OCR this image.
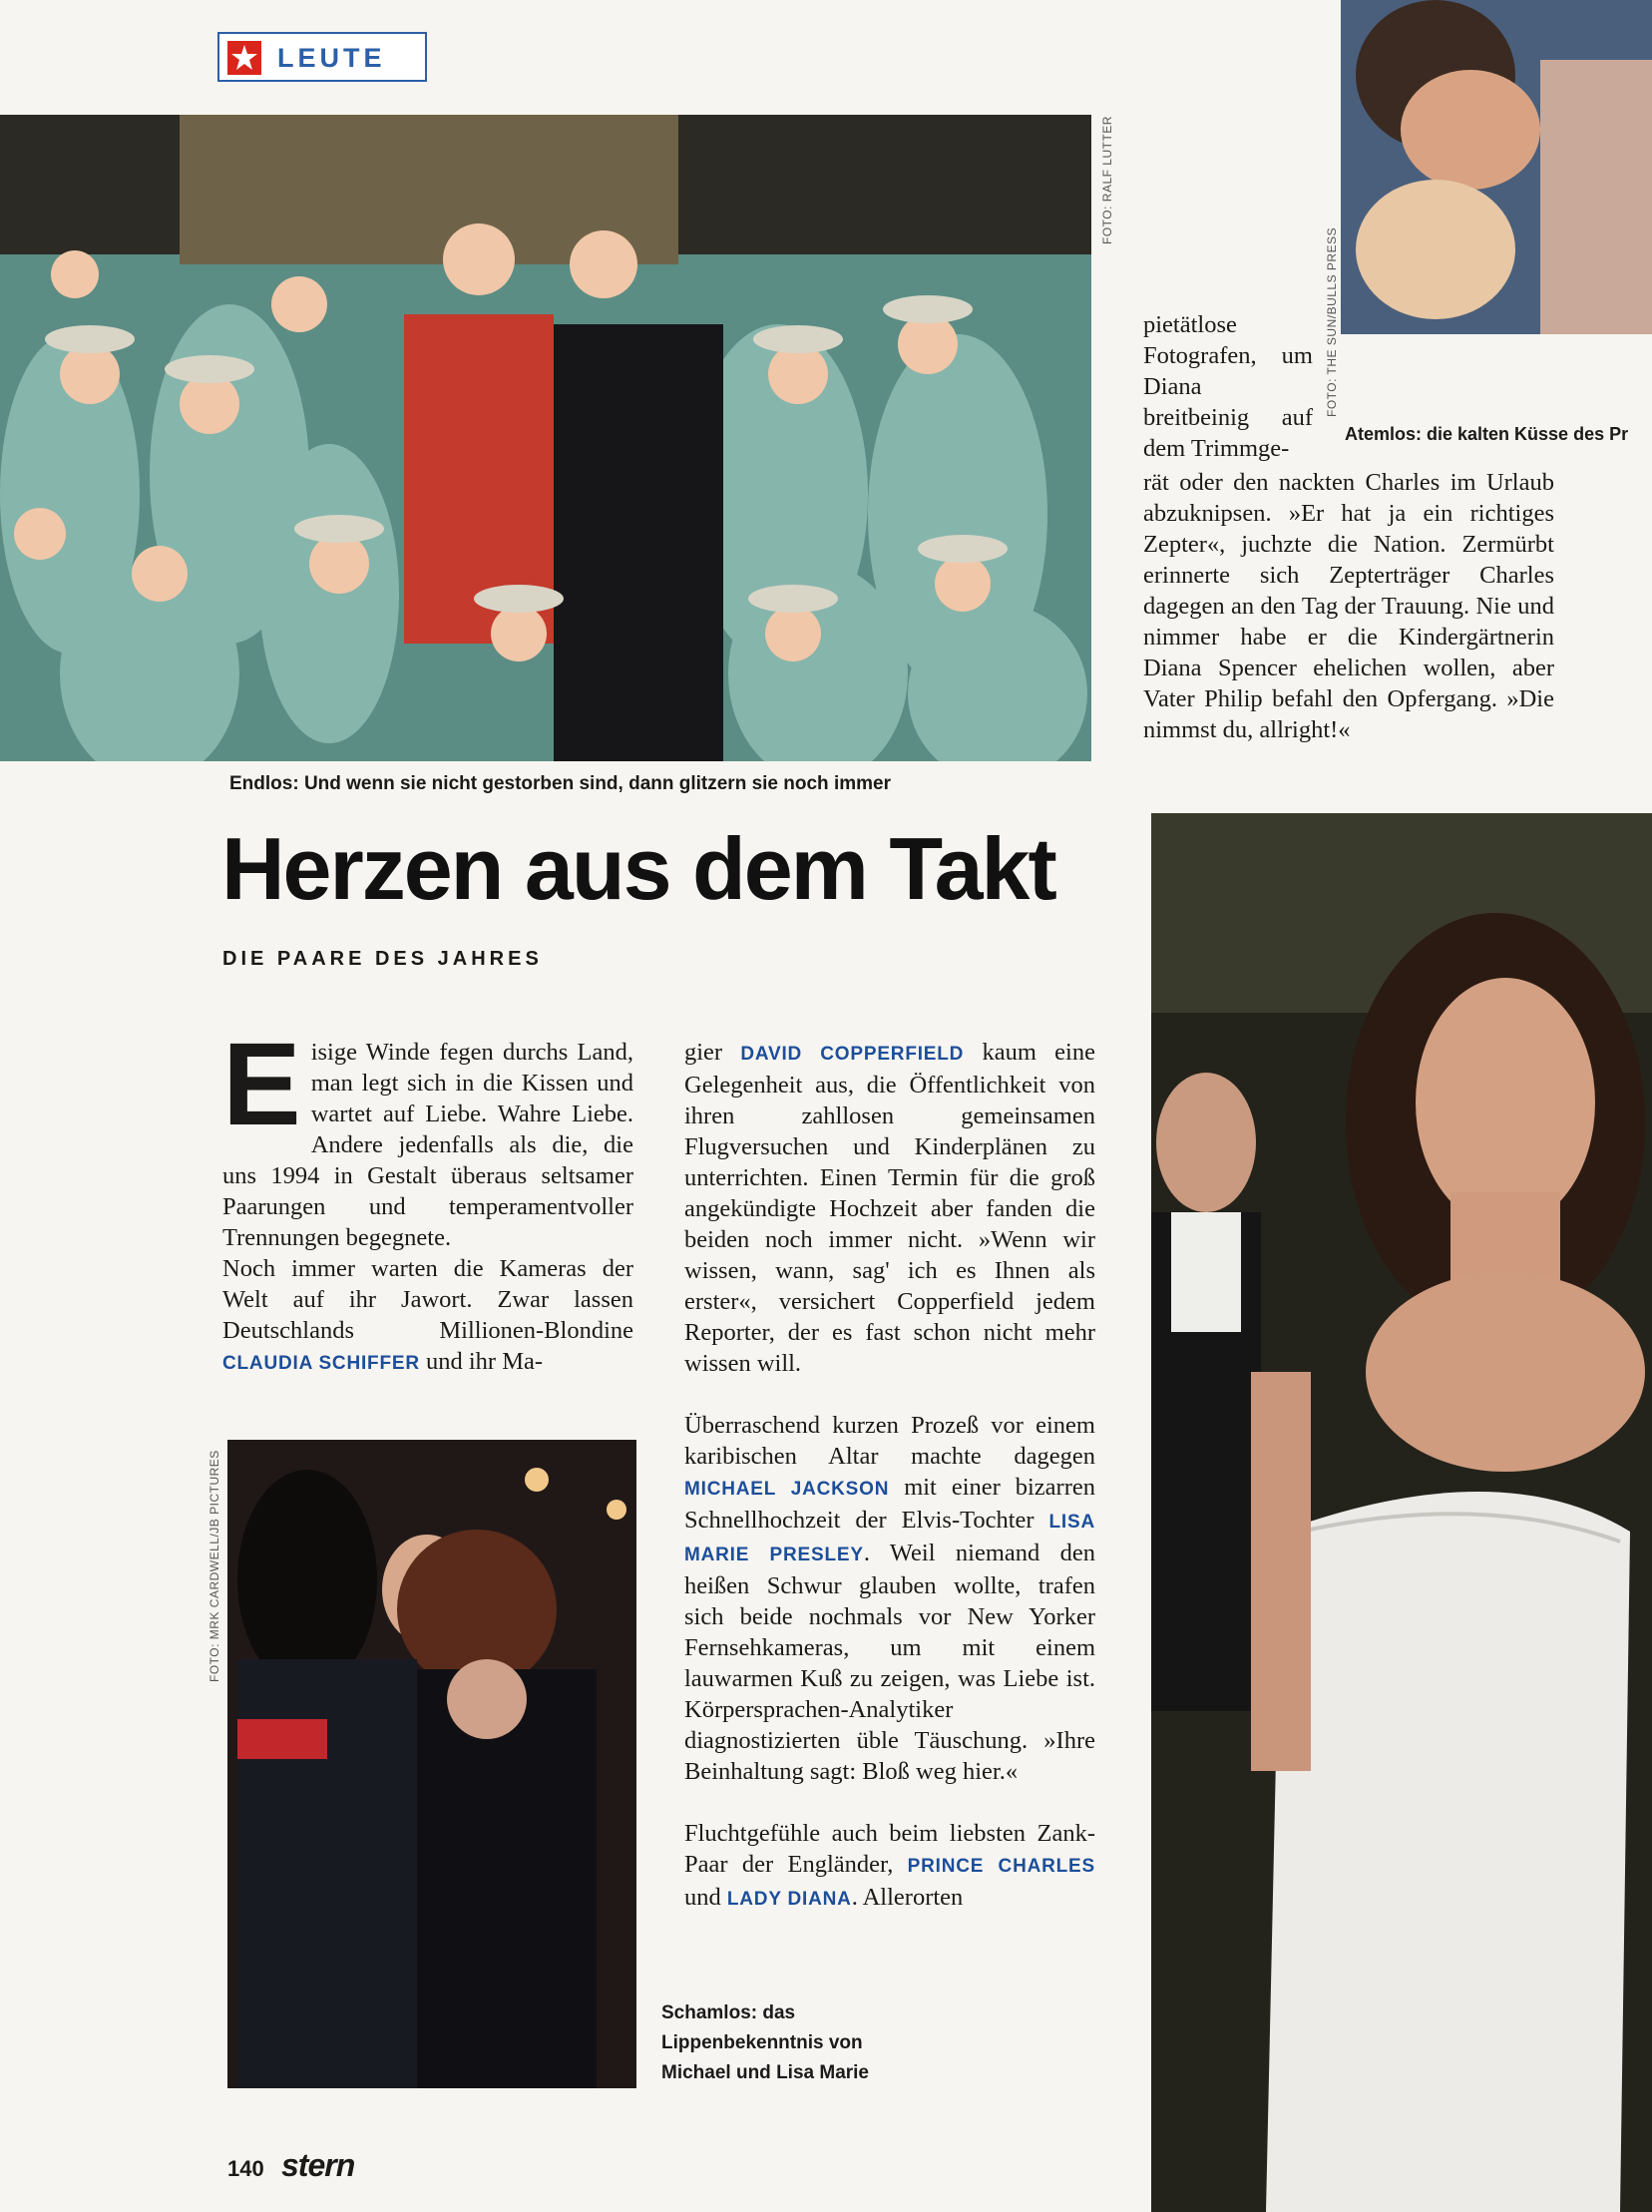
LEUTE
FOTO: RALF LUTTER
Endlos: Und wenn sie nicht gestorben sind, dann glitzern sie noch immer
FOTO: THE SUN/BULLS PRESS
Atemlos: die kalten Küsse des Pr

pietätlose Fotografen, um Diana breitbeinig auf dem Trimmge-

rät oder den nackten Charles im Urlaub abzuknipsen. »Er hat ja ein richtiges Zepter«, juchzte die Nation. Zermürbt erinnerte sich Zepterträger Charles dagegen an den Tag der Trauung. Nie und nimmer habe er die Kindergärtnerin Diana Spencer ehelichen wollen, aber Vater Philip befahl den Opfergang. »Die nimmst du, allright!«

Herzen aus dem Takt
DIE PAARE DES JAHRES
E isige Winde fegen durchs Land, man legt sich in die Kissen und wartet auf Liebe. Wahre Liebe. Andere jedenfalls als die, die uns 1994 in Gestalt überaus seltsamer Paarungen und temperamentvoller Trennungen begegnete.

Noch immer warten die Kameras der Welt auf ihr Jawort. Zwar lassen Deutschlands Millionen-Blondine CLAUDIA SCHIFFER und ihr Ma-

FOTO: MRK CARDWELL/JB PICTURES

gier DAVID COPPERFIELD kaum eine Gelegenheit aus, die Öffentlichkeit von ihren zahllosen gemeinsamen Flugversuchen und Kinderplänen zu unterrichten. Einen Termin für die groß angekündigte Hochzeit aber fanden die beiden noch immer nicht. »Wenn wir wissen, wann, sag' ich es Ihnen als erster«, versichert Copperfield jedem Reporter, der es fast schon nicht mehr wissen will.

Überraschend kurzen Prozeß vor einem karibischen Altar machte dagegen MICHAEL JACKSON mit einer bizarren Schnellhochzeit der Elvis-Tochter LISA MARIE PRESLEY. Weil niemand den heißen Schwur glauben wollte, trafen sich beide nochmals vor New Yorker Fernsehkameras, um mit einem lauwarmen Kuß zu zeigen, was Liebe ist. Körpersprachen-Analytiker diagnostizierten üble Täuschung. »Ihre Beinhaltung sagt: Bloß weg hier.«

Fluchtgefühle auch beim liebsten Zank-Paar der Engländer, PRINCE CHARLES und LADY DIANA. Allerorten

Schamlos: das Lippenbekenntnis von Michael und Lisa Marie
140 stern
